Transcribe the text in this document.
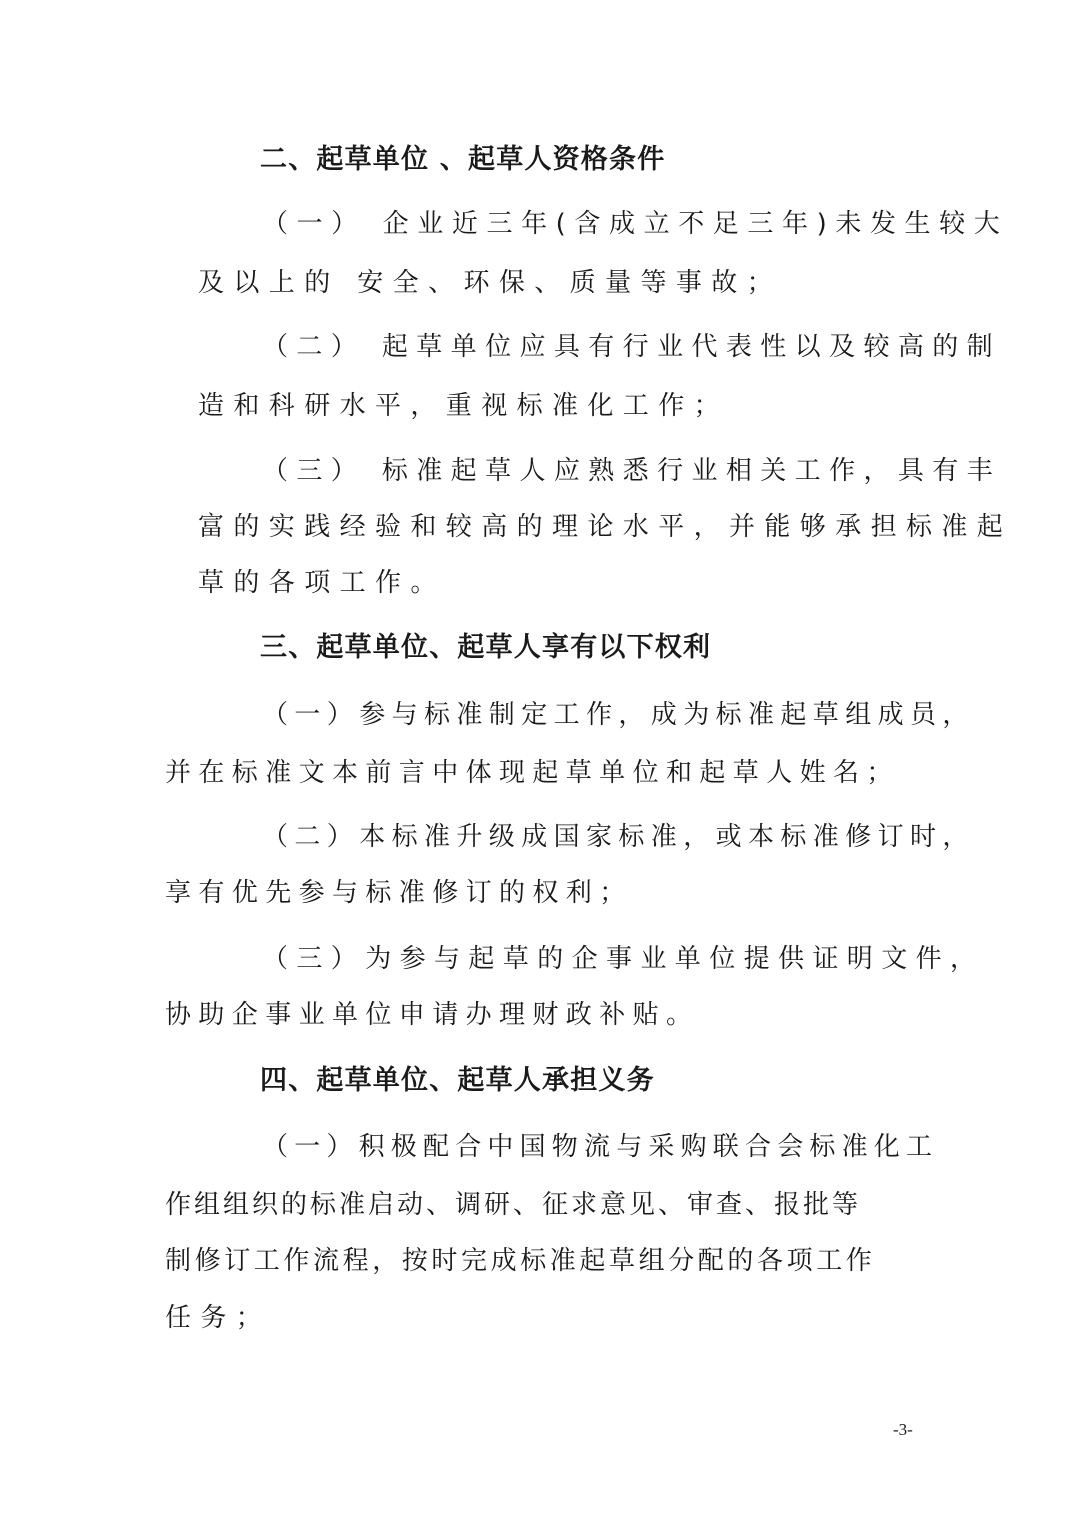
二、起草单位 、起草人资格条件

（一） 企业近三年(含成立不足三年)未发生较大

及以上的 安全、环保、质量等事故；

（二） 起草单位应具有行业代表性以及较高的制

造和科研水平，重视标准化工作；

（三） 标准起草人应熟悉行业相关工作，具有丰

富的实践经验和较高的理论水平，并能够承担标准起

草的各项工作。

三、起草单位、起草人享有以下权利

（一）参与标准制定工作，成为标准起草组成员，

并在标准文本前言中体现起草单位和起草人姓名；

（二）本标准升级成国家标准，或本标准修订时，

享有优先参与标准修订的权利；

（三）为参与起草的企事业单位提供证明文件，

协助企事业单位申请办理财政补贴。

四、起草单位、起草人承担义务

（一）积极配合中国物流与采购联合会标准化工

作组组织的标准启动、调研、征求意见、审查、报批等

制修订工作流程，按时完成标准起草组分配的各项工作

任务；

-3-
